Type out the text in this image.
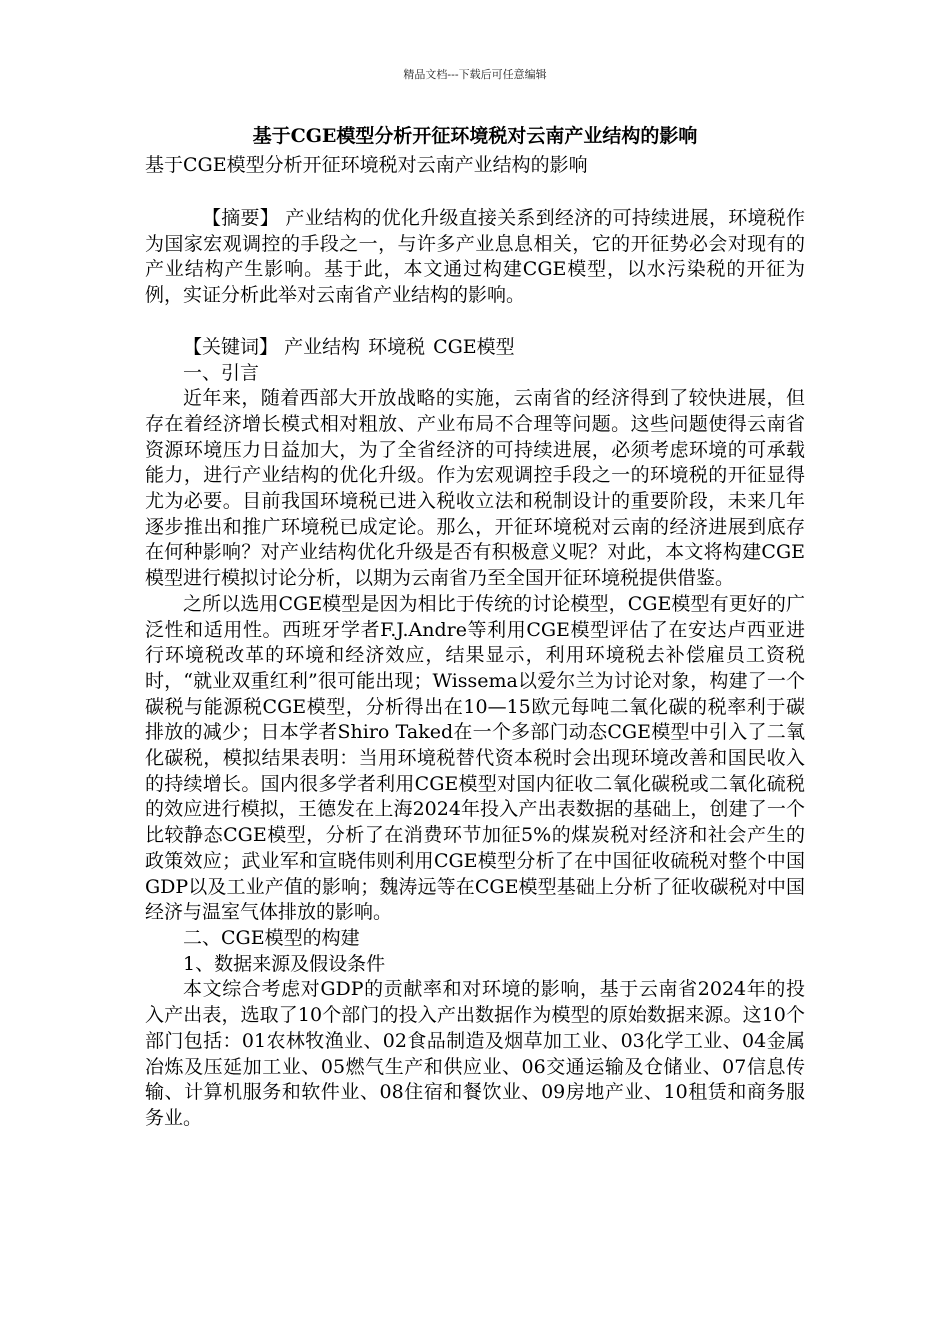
精品文档---下载后可任意编辑

基于CGE模型分析开征环境税对云南产业结构的影响

基于CGE模型分析开征环境税对云南产业结构的影响

【摘要】 产业结构的优化升级直接关系到经济的可持续进展，环境税作为国家宏观调控的手段之一，与许多产业息息相关，它的开征势必会对现有的产业结构产生影响。基于此，本文通过构建CGE模型，以水污染税的开征为例，实证分析此举对云南省产业结构的影响。

【关键词】 产业结构 环境税 CGE模型

一、引言

近年来，随着西部大开放战略的实施，云南省的经济得到了较快进展，但存在着经济增长模式相对粗放、产业布局不合理等问题。这些问题使得云南省资源环境压力日益加大，为了全省经济的可持续进展，必须考虑环境的可承载能力，进行产业结构的优化升级。作为宏观调控手段之一的环境税的开征显得尤为必要。目前我国环境税已进入税收立法和税制设计的重要阶段，未来几年逐步推出和推广环境税已成定论。那么，开征环境税对云南的经济进展到底存在何种影响？对产业结构优化升级是否有积极意义呢？对此，本文将构建CGE模型进行模拟讨论分析，以期为云南省乃至全国开征环境税提供借鉴。

之所以选用CGE模型是因为相比于传统的讨论模型，CGE模型有更好的广泛性和适用性。西班牙学者F.J.Andre等利用CGE模型评估了在安达卢西亚进行环境税改革的环境和经济效应，结果显示，利用环境税去补偿雇员工资税时，“就业双重红利”很可能出现；Wissema以爱尔兰为讨论对象，构建了一个碳税与能源税CGE模型，分析得出在10—15欧元每吨二氧化碳的税率利于碳排放的减少；日本学者Shiro Taked在一个多部门动态CGE模型中引入了二氧化碳税，模拟结果表明：当用环境税替代资本税时会出现环境改善和国民收入的持续增长。国内很多学者利用CGE模型对国内征收二氧化碳税或二氧化硫税的效应进行模拟，王德发在上海2024年投入产出表数据的基础上，创建了一个比较静态CGE模型，分析了在消费环节加征5%的煤炭税对经济和社会产生的政策效应；武业军和宣晓伟则利用CGE模型分析了在中国征收硫税对整个中国GDP以及工业产值的影响；魏涛远等在CGE模型基础上分析了征收碳税对中国经济与温室气体排放的影响。

二、CGE模型的构建

1、数据来源及假设条件

本文综合考虑对GDP的贡献率和对环境的影响，基于云南省2024年的投入产出表，选取了10个部门的投入产出数据作为模型的原始数据来源。这10个部门包括：01农林牧渔业、02食品制造及烟草加工业、03化学工业、04金属冶炼及压延加工业、05燃气生产和供应业、06交通运输及仓储业、07信息传输、计算机服务和软件业、08住宿和餐饮业、09房地产业、10租赁和商务服务业。
